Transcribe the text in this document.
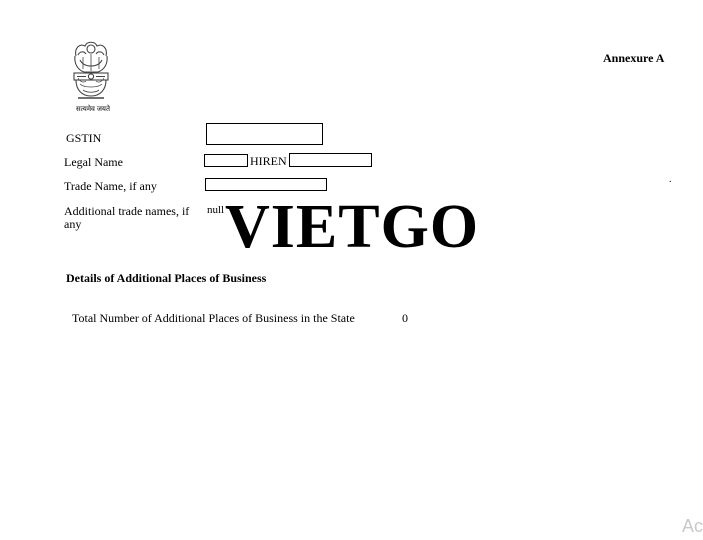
सत्यमेव जयते
Annexure A
GSTIN
Legal Name	HIREN
Trade Name, if any
Additional trade names, if
any
null VIETGO
Details of Additional Places of Business
Total Number of Additional Places of Business in the State	0
.
Ac
